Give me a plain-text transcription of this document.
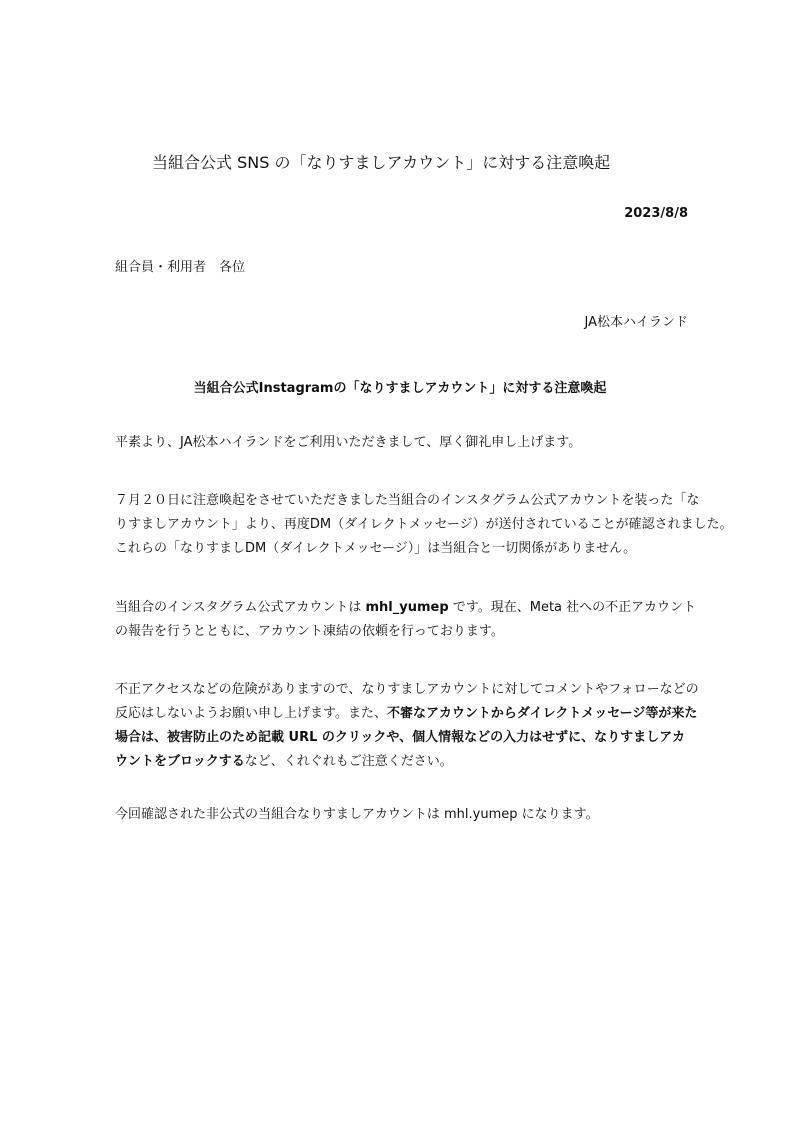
当組合公式 SNS の「なりすましアカウント」に対する注意喚起
2023/8/8
組合員・利用者　各位
JA松本ハイランド
当組合公式Instagramの「なりすましアカウント」に対する注意喚起

平素より、JA松本ハイランドをご利用いただきまして、厚く御礼申し上げます。

７月２０日に注意喚起をさせていただきました当組合のインスタグラム公式アカウントを装った「な
りすましアカウント」より、再度DM（ダイレクトメッセージ）が送付されていることが確認されました。
これらの「なりすましDM（ダイレクトメッセージ）」は当組合と一切関係がありません。

当組合のインスタグラム公式アカウントは mhl_yumep です。現在、Meta 社への不正アカウント
の報告を行うとともに、アカウント凍結の依頼を行っております。

不正アクセスなどの危険がありますので、なりすましアカウントに対してコメントやフォローなどの
反応はしないようお願い申し上げます。また、不審なアカウントからダイレクトメッセージ等が来た
場合は、被害防止のため記載 URL のクリックや、個人情報などの入力はせずに、なりすましアカ
ウントをブロックするなど、くれぐれもご注意ください。

今回確認された非公式の当組合なりすましアカウントは mhl.yumep になります。
